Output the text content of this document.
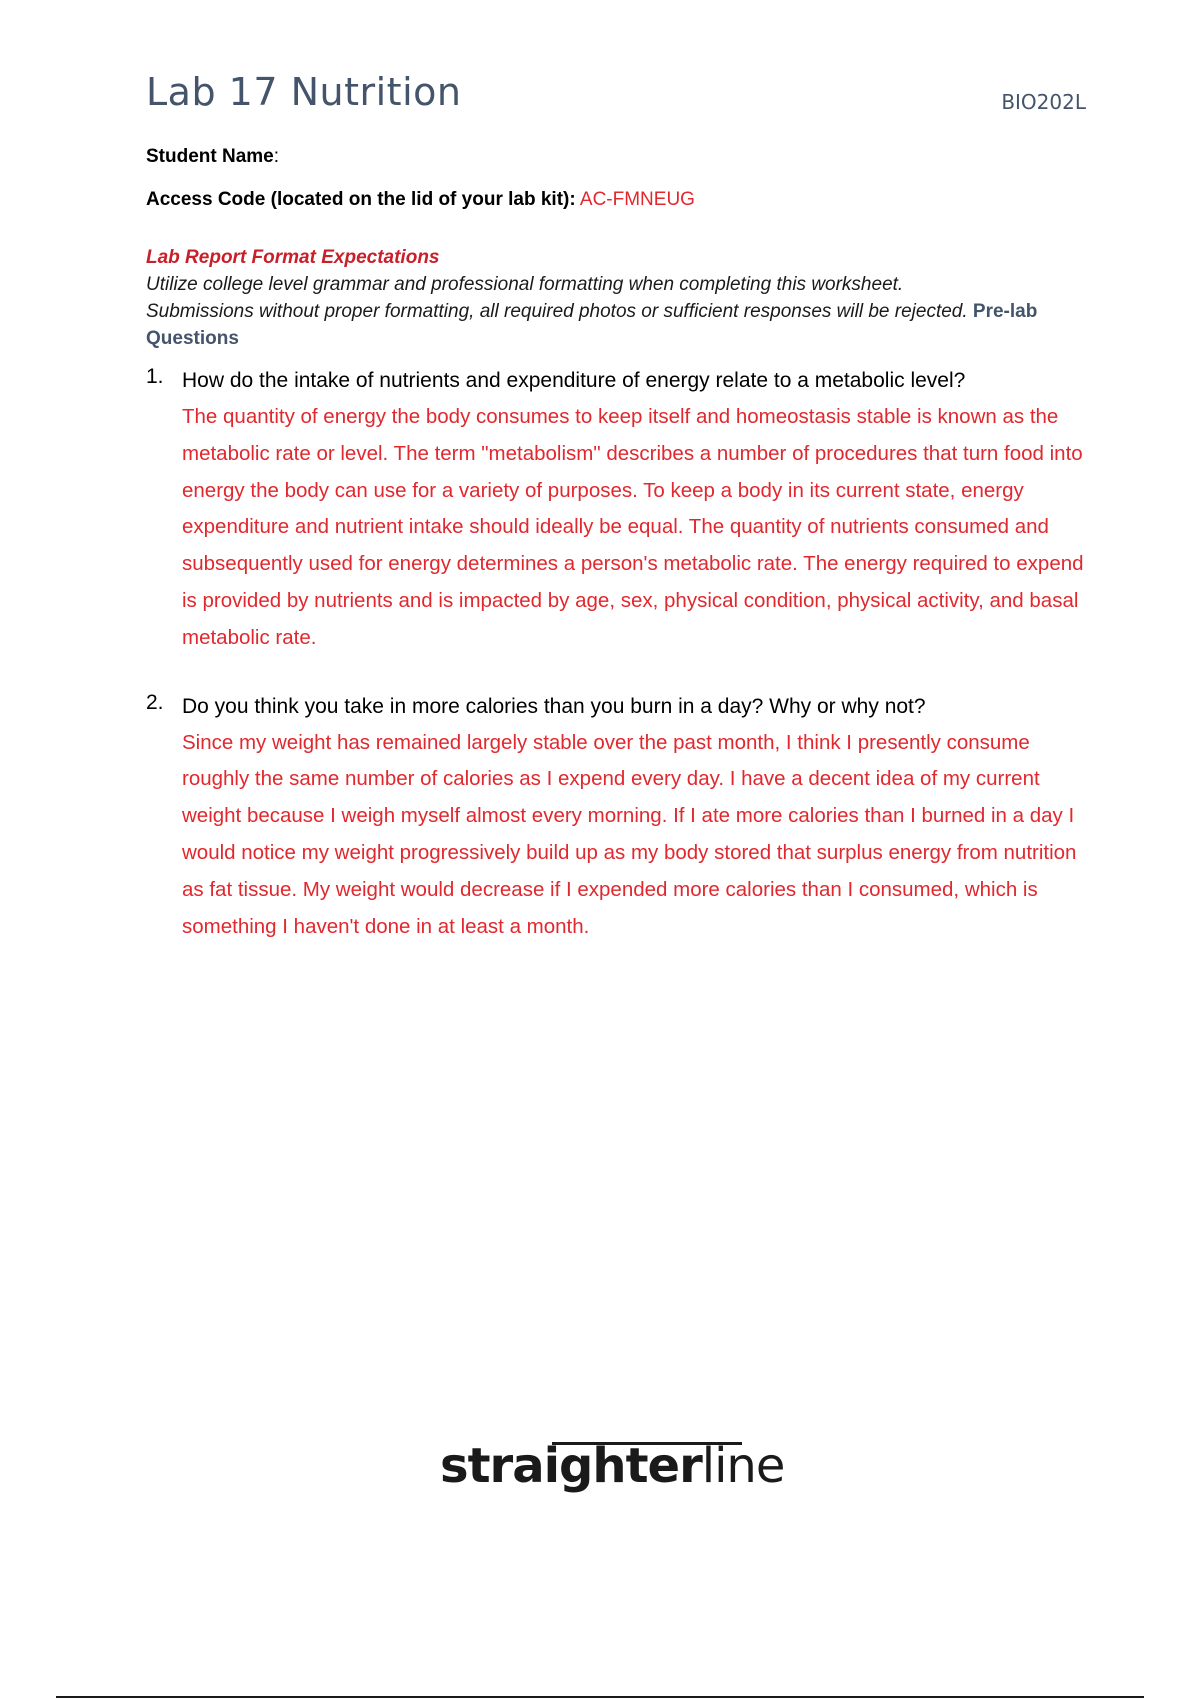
Lab 17 Nutrition	BIO202L
Student Name:
Access Code (located on the lid of your lab kit): AC-FMNEUG
Lab Report Format Expectations
Utilize college level grammar and professional formatting when completing this worksheet.
Submissions without proper formatting, all required photos or sufficient responses will be rejected. Pre-lab Questions
1. How do the intake of nutrients and expenditure of energy relate to a metabolic level?
The quantity of energy the body consumes to keep itself and homeostasis stable is known as the metabolic rate or level. The term "metabolism" describes a number of procedures that turn food into energy the body can use for a variety of purposes. To keep a body in its current state, energy expenditure and nutrient intake should ideally be equal. The quantity of nutrients consumed and subsequently used for energy determines a person's metabolic rate. The energy required to expend is provided by nutrients and is impacted by age, sex, physical condition, physical activity, and basal metabolic rate.
2. Do you think you take in more calories than you burn in a day? Why or why not?
Since my weight has remained largely stable over the past month, I think I presently consume roughly the same number of calories as I expend every day. I have a decent idea of my current weight because I weigh myself almost every morning. If I ate more calories than I burned in a day I would notice my weight progressively build up as my body stored that surplus energy from nutrition as fat tissue. My weight would decrease if I expended more calories than I consumed, which is something I haven't done in at least a month.
straighterline
